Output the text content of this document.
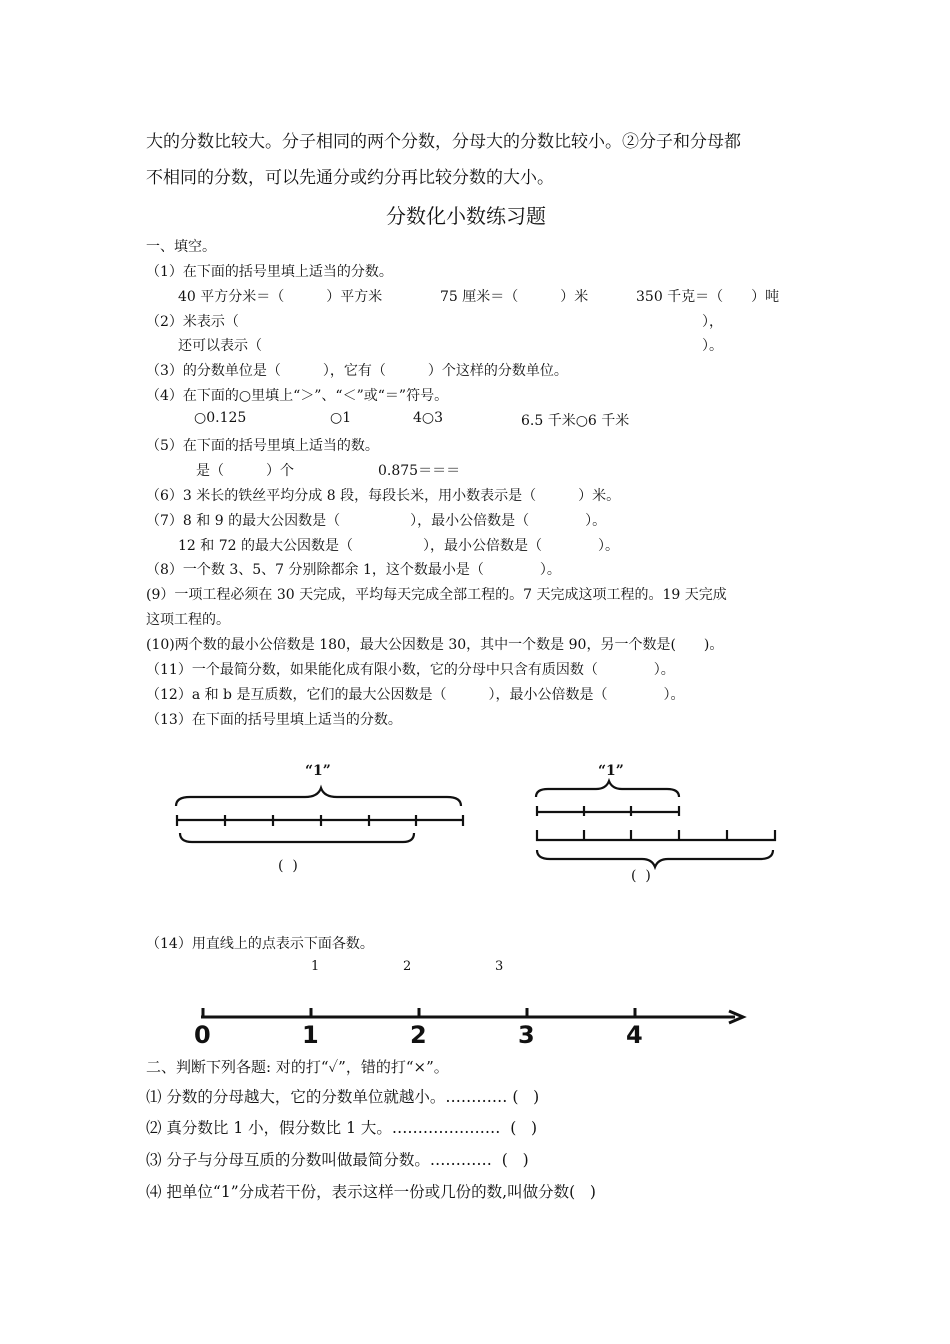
大的分数比较大。分子相同的两个分数，分母大的分数比较小。②分子和分母都
不相同的分数，可以先通分或约分再比较分数的大小。
分数化小数练习题
一、填空。
（1）在下面的括号里填上适当的分数。
40 平方分米＝（　　　）平方米	75 厘米＝（　　　）米	350 千克＝（　　）吨
（2）米表示（	），
还可以表示（	）。
（3）的分数单位是（　　　），它有（　　　）个这样的分数单位。
（4）在下面的○里填上“＞”、“＜”或“＝”符号。
○0.125	○1	4○3	6.5 千米○6 千米
（5）在下面的括号里填上适当的数。
是（　　　）个	0.875＝＝＝
（6）3 米长的铁丝平均分成 8 段，每段长米，用小数表示是（　　　）米。
（7）8 和 9 的最大公因数是（　　　　　），最小公倍数是（　　　　）。
12 和 72 的最大公因数是（　　　　　），最小公倍数是（　　　　）。
（8）一个数 3、5、7 分别除都余 1，这个数最小是（　　　　）。
(9）一项工程必须在 30 天完成，平均每天完成全部工程的。7 天完成这项工程的。19 天完成
这项工程的。
(10)两个数的最小公倍数是 180，最大公因数是 30，其中一个数是 90，另一个数是(　　)。
（11）一个最简分数，如果能化成有限小数，它的分母中只含有质因数（　　　　）。
（12）a 和 b 是互质数，它们的最大公因数是（　　　），最小公倍数是（　　　　）。
（13）在下面的括号里填上适当的分数。
“1”
(  )
“1”
(  )
（14）用直线上的点表示下面各数。
1	2	3
0	1	2	3	4
二、判断下列各题: 对的打“✓”，错的打“×”。
⑴ 分数的分母越大，它的分数单位就越小。………… (   )
⑵ 真分数比 1 小，假分数比 1 大。…………………  (   )
⑶ 分子与分母互质的分数叫做最简分数。…………  (   )
⑷ 把单位“1”分成若干份，表示这样一份或几份的数,叫做分数(   )
